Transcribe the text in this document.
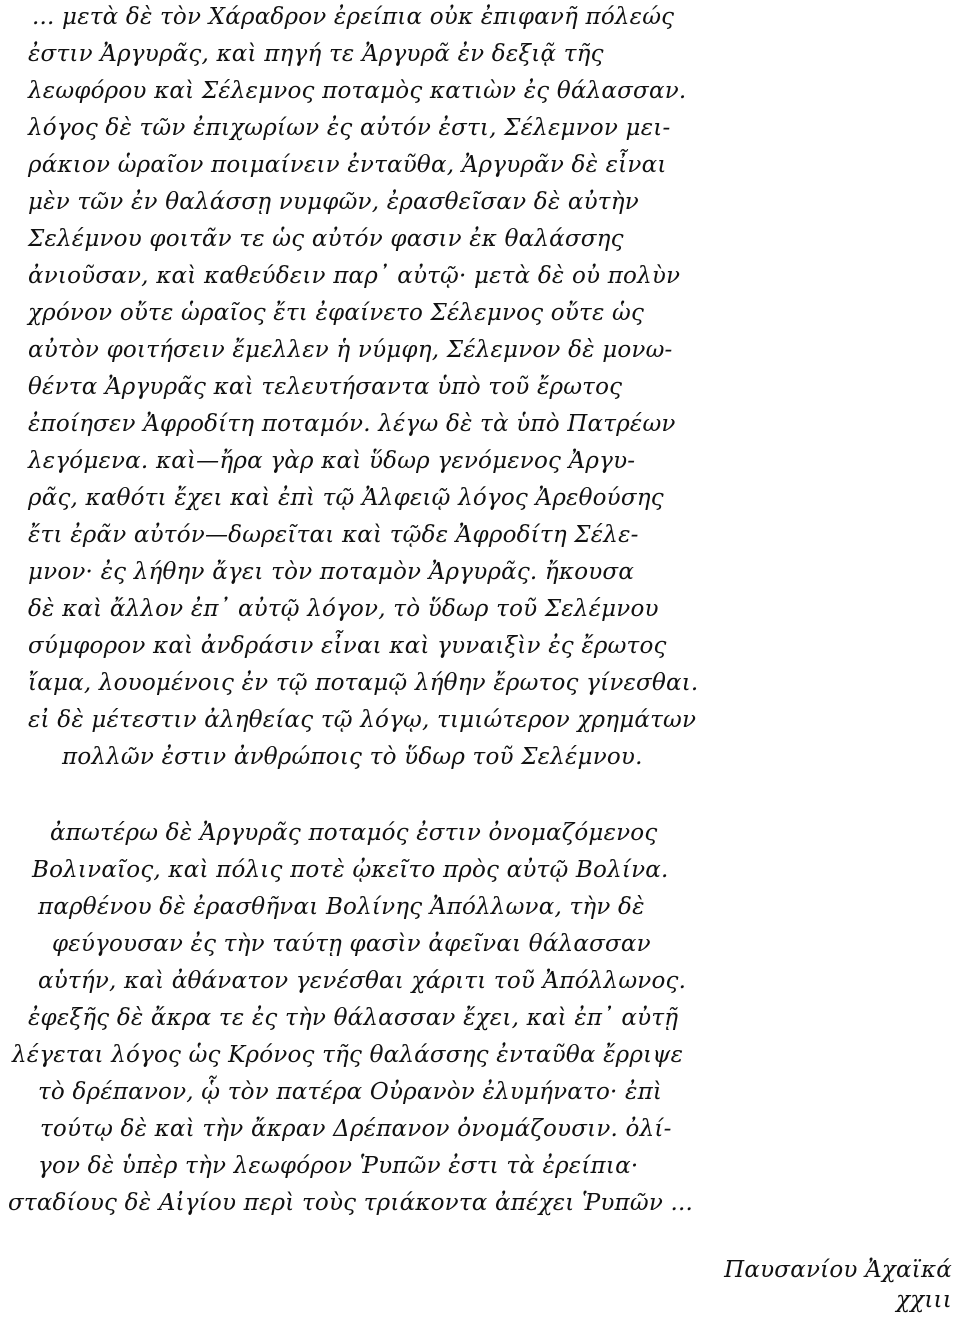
... μετὰ δὲ τὸν Χάραδρον ἐρείπια οὐκ ἐπιφανῆ πόλεώς
ἐστιν Ἀργυρᾶς, καὶ πηγή τε Ἀργυρᾶ ἐν δεξιᾷ τῆς
λεωφόρου καὶ Σέλεμνος ποταμὸς κατιὼν ἐς θάλασσαν.
λόγος δὲ τῶν ἐπιχωρίων ἐς αὐτόν ἐστι, Σέλεμνον μει-
ράκιον ὡραῖον ποιμαίνειν ἐνταῦθα, Ἀργυρᾶν δὲ εἶναι
μὲν τῶν ἐν θαλάσσῃ νυμφῶν, ἐρασθεῖσαν δὲ αὐτὴν
Σελέμνου φοιτᾶν τε ὡς αὐτόν φασιν ἐκ θαλάσσης
ἀνιοῦσαν, καὶ καθεύδειν παρ᾽ αὐτῷ· μετὰ δὲ οὐ πολὺν
χρόνον οὔτε ὡραῖος ἔτι ἐφαίνετο Σέλεμνος οὔτε ὡς
αὐτὸν φοιτήσειν ἔμελλεν ἡ νύμφη, Σέλεμνον δὲ μονω-
θέντα Ἀργυρᾶς καὶ τελευτήσαντα ὑπὸ τοῦ ἔρωτος
ἐποίησεν Ἀφροδίτη ποταμόν. λέγω δὲ τὰ ὑπὸ Πατρέων
λεγόμενα. καὶ—ἤρα γὰρ καὶ ὕδωρ γενόμενος Ἀργυ-
ρᾶς, καθότι ἔχει καὶ ἐπὶ τῷ Ἀλφειῷ λόγος Ἀρεθούσης
ἔτι ἐρᾶν αὐτόν—δωρεῖται καὶ τῷδε Ἀφροδίτη Σέλε-
μνον· ἐς λήθην ἄγει τὸν ποταμὸν Ἀργυρᾶς. ἤκουσα
δὲ καὶ ἄλλον ἐπ᾽ αὐτῷ λόγον, τὸ ὕδωρ τοῦ Σελέμνου
σύμφορον καὶ ἀνδράσιν εἶναι καὶ γυναιξὶν ἐς ἔρωτος
ἴαμα, λουομένοις ἐν τῷ ποταμῷ λήθην ἔρωτος γίνεσθαι.
εἰ δὲ μέτεστιν ἀληθείας τῷ λόγῳ, τιμιώτερον χρημάτων
πολλῶν ἐστιν ἀνθρώποις τὸ ὕδωρ τοῦ Σελέμνου.
ἀπωτέρω δὲ Ἀργυρᾶς ποταμός ἐστιν ὀνομαζόμενος
Βολιναῖος, καὶ πόλις ποτὲ ᾠκεῖτο πρὸς αὐτῷ Βολίνα.
παρθένου δὲ ἐρασθῆναι Βολίνης Ἀπόλλωνα, τὴν δὲ
φεύγουσαν ἐς τὴν ταύτῃ φασὶν ἀφεῖναι θάλασσαν
αὑτήν, καὶ ἀθάνατον γενέσθαι χάριτι τοῦ Ἀπόλλωνος.
ἐφεξῆς δὲ ἄκρα τε ἐς τὴν θάλασσαν ἔχει, καὶ ἐπ᾽ αὐτῇ
λέγεται λόγος ὡς Κρόνος τῆς θαλάσσης ἐνταῦθα ἔρριψε
τὸ δρέπανον, ᾧ τὸν πατέρα Οὐρανὸν ἐλυμήνατο· ἐπὶ
τούτῳ δὲ καὶ τὴν ἄκραν Δρέπανον ὀνομάζουσιν. ὀλί-
γον δὲ ὑπὲρ τὴν λεωφόρον Ῥυπῶν ἐστι τὰ ἐρείπια·
σταδίους δὲ Αἰγίου περὶ τοὺς τριάκοντα ἀπέχει Ῥυπῶν ...
Παυσανίου Ἀχαϊκά
χχιιι
